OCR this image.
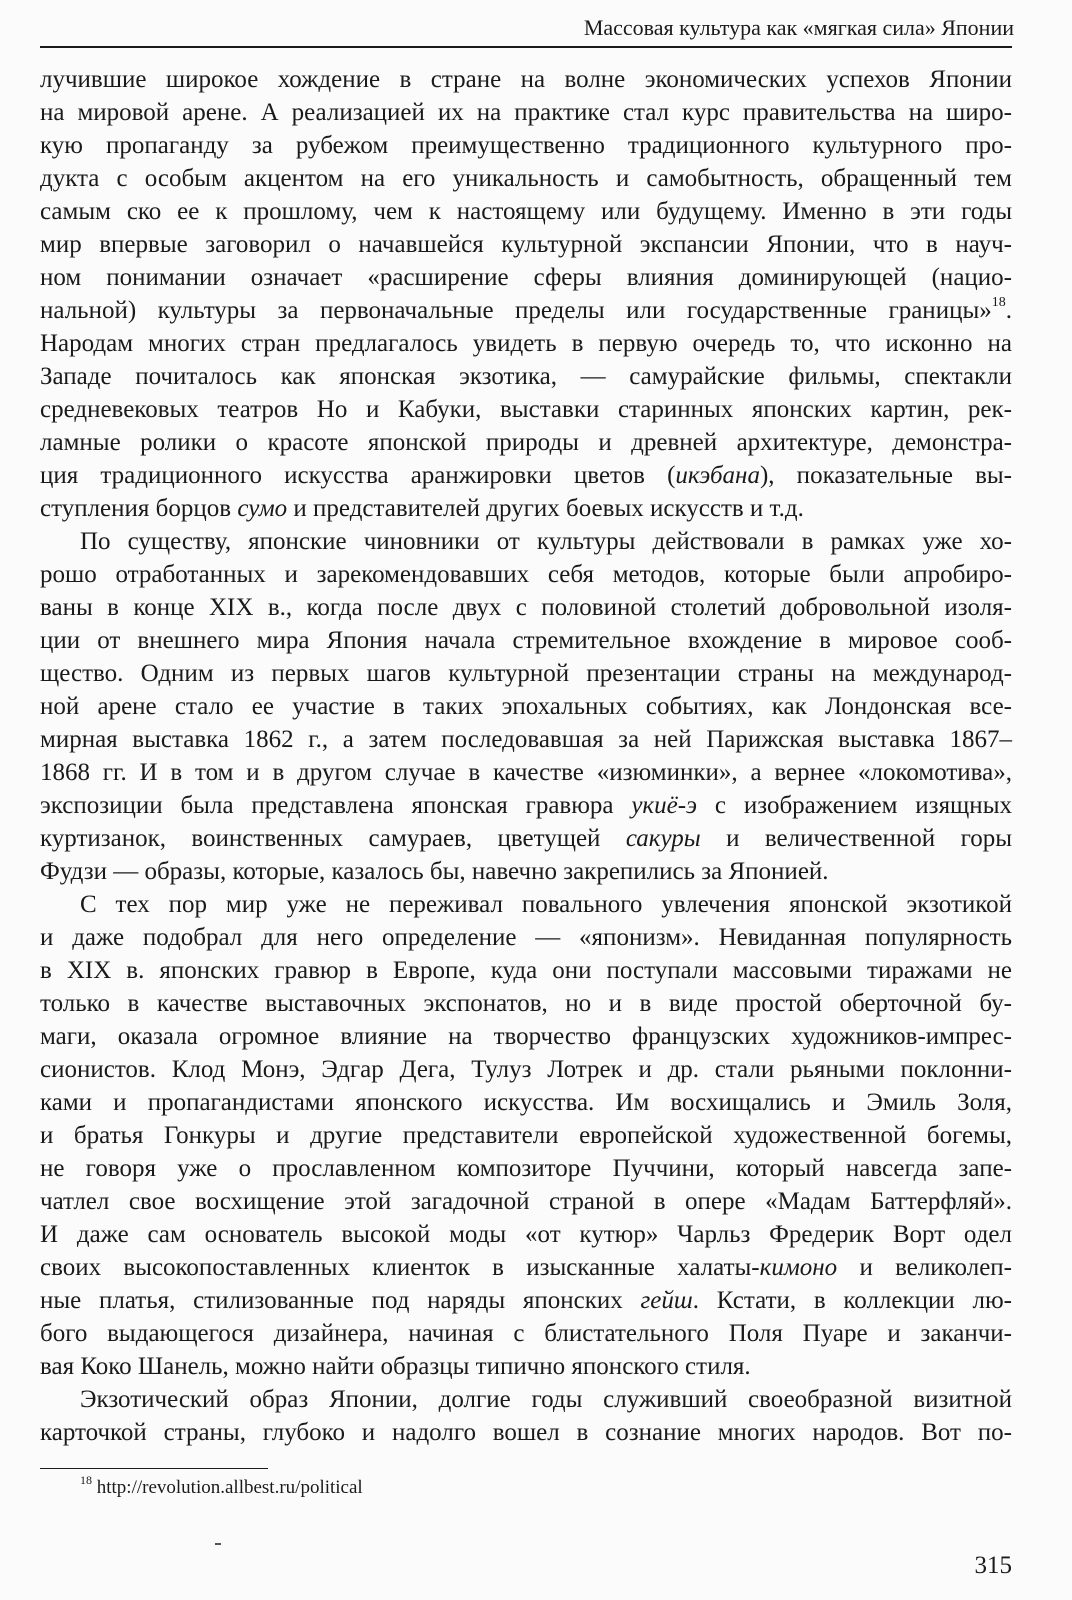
Массовая культура как «мягкая сила» Японии
лучившие широкое хождение в стране на волне экономических успехов Японии
на мировой арене. А реализацией их на практике стал курс правительства на широ-
кую пропаганду за рубежом преимущественно традиционного культурного про-
дукта с особым акцентом на его уникальность и самобытность, обращенный тем
самым ско ее к прошлому, чем к настоящему или будущему. Именно в эти годы
мир впервые заговорил о начавшейся культурной экспансии Японии, что в науч-
ном понимании означает «расширение сферы влияния доминирующей (нацио-
нальной) культуры за первоначальные пределы или государственные границы»$^{18}$.
Народам многих стран предлагалось увидеть в первую очередь то, что исконно на
Западе почиталось как японская экзотика, — самурайские фильмы, спектакли
средневековых театров Но и Кабуки, выставки старинных японских картин, рек-
ламные ролики о красоте японской природы и древней архитектуре, демонстра-
ция традиционного искусства аранжировки цветов (икэбана), показательные вы-
ступления борцов сумо и представителей других боевых искусств и т.д.
По существу, японские чиновники от культуры действовали в рамках уже хо-
рошо отработанных и зарекомендовавших себя методов, которые были апробиро-
ваны в конце XIX в., когда после двух с половиной столетий добровольной изоля-
ции от внешнего мира Япония начала стремительное вхождение в мировое сооб-
щество. Одним из первых шагов культурной презентации страны на международ-
ной арене стало ее участие в таких эпохальных событиях, как Лондонская все-
мирная выставка 1862 г., а затем последовавшая за ней Парижская выставка 1867–
1868 гг. И в том и в другом случае в качестве «изюминки», а вернее «локомотива»,
экспозиции была представлена японская гравюра укиё-э с изображением изящных
куртизанок, воинственных самураев, цветущей сакуры и величественной горы
Фудзи — образы, которые, казалось бы, навечно закрепились за Японией.
С тех пор мир уже не переживал повального увлечения японской экзотикой
и даже подобрал для него определение — «японизм». Невиданная популярность
в XIX в. японских гравюр в Европе, куда они поступали массовыми тиражами не
только в качестве выставочных экспонатов, но и в виде простой оберточной бу-
маги, оказала огромное влияние на творчество французских художников-импрес-
сионистов. Клод Монэ, Эдгар Дега, Тулуз Лотрек и др. стали рьяными поклонни-
ками и пропагандистами японского искусства. Им восхищались и Эмиль Золя,
и братья Гонкуры и другие представители европейской художественной богемы,
не говоря уже о прославленном композиторе Пуччини, который навсегда запе-
чатлел свое восхищение этой загадочной страной в опере «Мадам Баттерфляй».
И даже сам основатель высокой моды «от кутюр» Чарльз Фредерик Ворт одел
своих высокопоставленных клиенток в изысканные халаты-кимоно и великолеп-
ные платья, стилизованные под наряды японских гейш. Кстати, в коллекции лю-
бого выдающегося дизайнера, начиная с блистательного Поля Пуаре и заканчи-
вая Коко Шанель, можно найти образцы типично японского стиля.
Экзотический образ Японии, долгие годы служивший своеобразной визитной
карточкой страны, глубоко и надолго вошел в сознание многих народов. Вот по-
$^{18}$ http://revolution.allbest.ru/political
315
